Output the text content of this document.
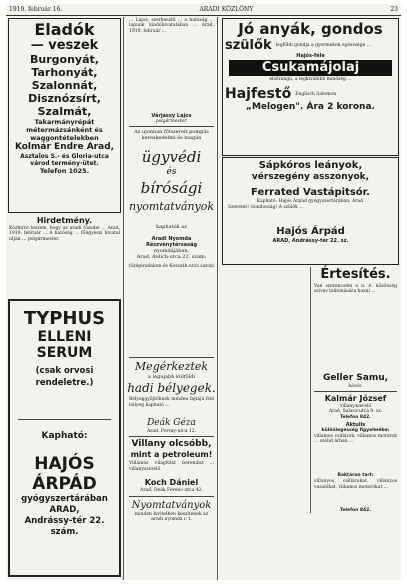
1919. február 16.	ARADI KÖZLÖNY	23
Eladók
— veszek
Burgonyát,
Tarhonyát,
Szalonnát,
Disznózsírt,
Szalmát,
Takarmányrépát
métermázsánként és
waggontételekben
Kolmár Endre Arad,
Asztalos S.- és Gloria-utca
várod termény-ütet.
Telefon 1025.
Hirdetmény.
Közhirré teszem, hogy az aradi tőzsdei ... Arad, 1919. február ... A hatóság ... főügyészi hivatal útján ... polgármester.
TYPHUS
ELLENI SERUM
(csak orvosi rendeletre.)
Kapható:
HAJÓS ÁRPÁD
gyógyszertárában ARAD,
Andrássy-tér 22. szám.
... Lajos, szerkesztő ... a hatóság ... lapunk kiadóhivatalában ... Arad, 1919. február ...
Várjassy Lajos
polgármester.
Az ujonnan fölszerelt pompás kereskedelmi és magán
ügyvédi
és
bírósági
nyomtatványok
kaphatók az
Aradi Nyomda Részvénytársaság
nyomdájában,
Arad, Aulich-utca 22. szám.
(Szépirodalom és Kossuth-utca sarok)
Megérkeztek
a legujabb külföldi
hadi bélyegek.
Bélyeggyűjtőknek minden fajtájú fríd bélyeg kapható ...
Deák Géza
Arad, Forray-utca 12.
Villany olcsóbb,
mint a petroleum!
Villamos világítást berendez ... villanyszerelő
Koch Dániel
Arad, Deák Ferenc-utca 42.
Nyomtatványok
minden kivitelben készítenek az aradi nyomda r. t.
Jó anyák, gondos
szülők legfőbb gondja a gyermekek egészsége ...
Hajós-féle
Csukamájolaj
elsőrangú, a legkiválóbb minőség ...
Hajfestő Englisch Salomon
„Melogen". Ára 2 korona.
Sápkóros leányok,
vérszegény asszonyok,
Ferrated Vastápitsór.
Kapható: Hajós Árpád gyógyszertárában, Arad.
Szeretet! Gondosság! A szülők ...
Hajós Árpád
ARAD, Andrássy-tér 22. sz.
Értesítés.
Van szerencsém a n. é. közönség szives tudomására hozni ...
Geller Samu,
kávés.
Kalmár József
villanyszerelő
Arad, Salacz-utca 9. sz.
Telefon 842.
Aktulis
különlegesség figyelmébe:
villamos csillárok, villamos motorok ... szolid árban ...
Raktáron tart:
villanyos csillárokat, villanyos vasalókat, villamos motorokat ...
Telefon 842.
